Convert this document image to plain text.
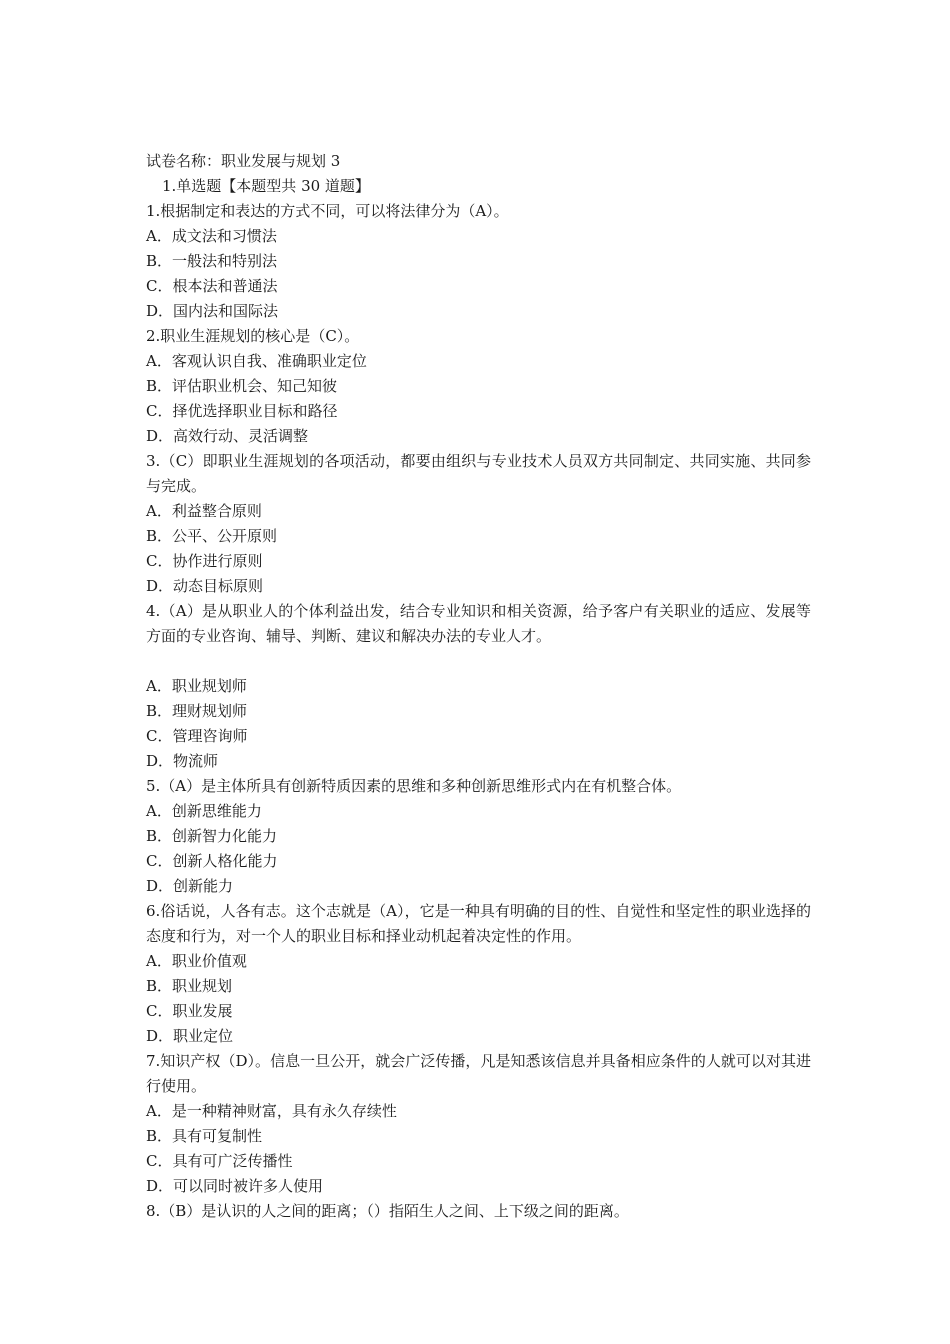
试卷名称：职业发展与规划 3
1.单选题【本题型共 30 道题】
1.根据制定和表达的方式不同，可以将法律分为（A）。
A．成文法和习惯法
B．一般法和特别法
C．根本法和普通法
D．国内法和国际法
2.职业生涯规划的核心是（C）。
A．客观认识自我、准确职业定位
B．评估职业机会、知己知彼
C．择优选择职业目标和路径
D．高效行动、灵活调整
3.（C）即职业生涯规划的各项活动，都要由组织与专业技术人员双方共同制定、共同实施、共同参与完成。
A．利益整合原则
B．公平、公开原则
C．协作进行原则
D．动态目标原则
4.（A）是从职业人的个体利益出发，结合专业知识和相关资源，给予客户有关职业的适应、发展等方面的专业咨询、辅导、判断、建议和解决办法的专业人才。
A．职业规划师
B．理财规划师
C．管理咨询师
D．物流师
5.（A）是主体所具有创新特质因素的思维和多种创新思维形式内在有机整合体。
A．创新思维能力
B．创新智力化能力
C．创新人格化能力
D．创新能力
6.俗话说，人各有志。这个志就是（A），它是一种具有明确的目的性、自觉性和坚定性的职业选择的态度和行为，对一个人的职业目标和择业动机起着决定性的作用。
A．职业价值观
B．职业规划
C．职业发展
D．职业定位
7.知识产权（D）。信息一旦公开，就会广泛传播，凡是知悉该信息并具备相应条件的人就可以对其进行使用。
A．是一种精神财富，具有永久存续性
B．具有可复制性
C．具有可广泛传播性
D．可以同时被许多人使用
8.（B）是认识的人之间的距离；（）指陌生人之间、上下级之间的距离。
